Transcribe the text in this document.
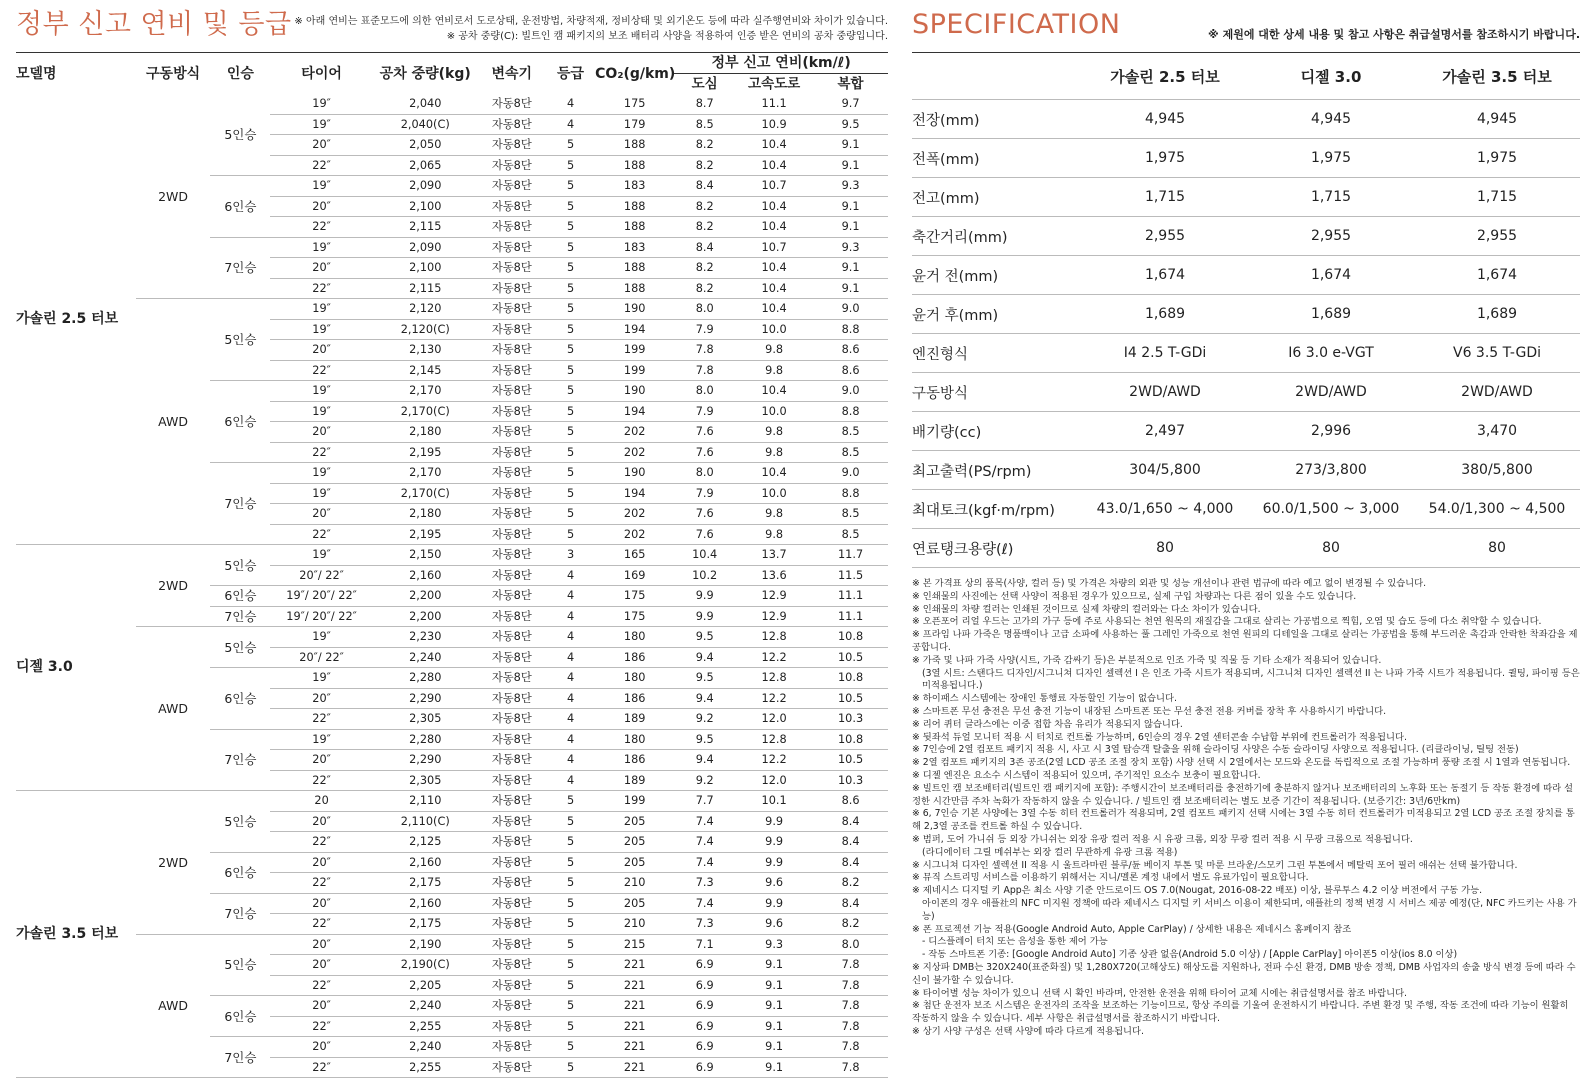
정부 신고 연비 및 등급 ※ 아래 연비는 표준모드에 의한 연비로서 도로상태, 운전방법, 차량적재, 정비상태 및 외기온도 등에 따라 실주행연비와 차이가 있습니다.
※ 공차 중량(C): 빌트인 캠 패키지의 보조 배터리 사양을 적용하여 인증 받은 연비의 공차 중량입니다.
모델명	구동방식	인승	타이어	공차 중량(kg)	변속기	등급	CO₂(g/km)	정부 신고 연비(km/ℓ)		
								도심	고속도로	복합
가솔린 2.5 터보	2WD	5인승	19″	2,040	자동8단	4	175	8.7	11.1	9.7
			19″	2,040(C)	자동8단	4	179	8.5	10.9	9.5
			20″	2,050	자동8단	5	188	8.2	10.4	9.1
			22″	2,065	자동8단	5	188	8.2	10.4	9.1
		6인승	19″	2,090	자동8단	5	183	8.4	10.7	9.3
			20″	2,100	자동8단	5	188	8.2	10.4	9.1
			22″	2,115	자동8단	5	188	8.2	10.4	9.1
		7인승	19″	2,090	자동8단	5	183	8.4	10.7	9.3
			20″	2,100	자동8단	5	188	8.2	10.4	9.1
			22″	2,115	자동8단	5	188	8.2	10.4	9.1
	AWD	5인승	19″	2,120	자동8단	5	190	8.0	10.4	9.0
			19″	2,120(C)	자동8단	5	194	7.9	10.0	8.8
			20″	2,130	자동8단	5	199	7.8	9.8	8.6
			22″	2,145	자동8단	5	199	7.8	9.8	8.6
		6인승	19″	2,170	자동8단	5	190	8.0	10.4	9.0
			19″	2,170(C)	자동8단	5	194	7.9	10.0	8.8
			20″	2,180	자동8단	5	202	7.6	9.8	8.5
			22″	2,195	자동8단	5	202	7.6	9.8	8.5
		7인승	19″	2,170	자동8단	5	190	8.0	10.4	9.0
			19″	2,170(C)	자동8단	5	194	7.9	10.0	8.8
			20″	2,180	자동8단	5	202	7.6	9.8	8.5
			22″	2,195	자동8단	5	202	7.6	9.8	8.5
디젤 3.0	2WD	5인승	19″	2,150	자동8단	3	165	10.4	13.7	11.7
			20″/ 22″	2,160	자동8단	4	169	10.2	13.6	11.5
		6인승	19″/ 20″/ 22″	2,200	자동8단	4	175	9.9	12.9	11.1
		7인승	19″/ 20″/ 22″	2,200	자동8단	4	175	9.9	12.9	11.1
	AWD	5인승	19″	2,230	자동8단	4	180	9.5	12.8	10.8
			20″/ 22″	2,240	자동8단	4	186	9.4	12.2	10.5
		6인승	19″	2,280	자동8단	4	180	9.5	12.8	10.8
			20″	2,290	자동8단	4	186	9.4	12.2	10.5
			22″	2,305	자동8단	4	189	9.2	12.0	10.3
		7인승	19″	2,280	자동8단	4	180	9.5	12.8	10.8
			20″	2,290	자동8단	4	186	9.4	12.2	10.5
			22″	2,305	자동8단	4	189	9.2	12.0	10.3
가솔린 3.5 터보	2WD	5인승	20	2,110	자동8단	5	199	7.7	10.1	8.6
			20″	2,110(C)	자동8단	5	205	7.4	9.9	8.4
			22″	2,125	자동8단	5	205	7.4	9.9	8.4
		6인승	20″	2,160	자동8단	5	205	7.4	9.9	8.4
			22″	2,175	자동8단	5	210	7.3	9.6	8.2
		7인승	20″	2,160	자동8단	5	205	7.4	9.9	8.4
			22″	2,175	자동8단	5	210	7.3	9.6	8.2
	AWD	5인승	20″	2,190	자동8단	5	215	7.1	9.3	8.0
			20″	2,190(C)	자동8단	5	221	6.9	9.1	7.8
			22″	2,205	자동8단	5	221	6.9	9.1	7.8
		6인승	20″	2,240	자동8단	5	221	6.9	9.1	7.8
			22″	2,255	자동8단	5	221	6.9	9.1	7.8
		7인승	20″	2,240	자동8단	5	221	6.9	9.1	7.8
			22″	2,255	자동8단	5	221	6.9	9.1	7.8
SPECIFICATION	※ 제원에 대한 상세 내용 및 참고 사항은 취급설명서를 참조하시기 바랍니다.
	가솔린 2.5 터보	디젤 3.0	가솔린 3.5 터보
전장(mm)	4,945	4,945	4,945
전폭(mm)	1,975	1,975	1,975
전고(mm)	1,715	1,715	1,715
축간거리(mm)	2,955	2,955	2,955
윤거 전(mm)	1,674	1,674	1,674
윤거 후(mm)	1,689	1,689	1,689
엔진형식	I4 2.5 T-GDi	I6 3.0 e-VGT	V6 3.5 T-GDi
구동방식	2WD/AWD	2WD/AWD	2WD/AWD
배기량(cc)	2,497	2,996	3,470
최고출력(PS/rpm)	304/5,800	273/3,800	380/5,800
최대토크(kgf·m/rpm)	43.0/1,650 ~ 4,000	60.0/1,500 ~ 3,000	54.0/1,300 ~ 4,500
연료탱크용량(ℓ)	80	80	80
※ 본 가격표 상의 품목(사양, 컬러 등) 및 가격은 차량의 외관 및 성능 개선이나 관련 법규에 따라 예고 없이 변경될 수 있습니다.
※ 인쇄물의 사진에는 선택 사양이 적용된 경우가 있으므로, 실제 구입 차량과는 다른 점이 있을 수도 있습니다.
※ 인쇄물의 차량 컬러는 인쇄된 것이므로 실제 차량의 컬러와는 다소 차이가 있습니다.
※ 오픈포어 리얼 우드는 고가의 가구 등에 주로 사용되는 천연 원목의 재질감을 그대로 살리는 가공법으로 찍힘, 오염 및 습도 등에 다소 취약할 수 있습니다.
※ 프라임 나파 가죽은 명품백이나 고급 소파에 사용하는 풀 그레인 가죽으로 천연 원피의 디테일을 그대로 살리는 가공법을 통해 부드러운 촉감과 안락한 착좌감을 제공합니다.
※ 가죽 및 나파 가죽 사양(시트, 가죽 감싸기 등)은 부분적으로 인조 가죽 및 직물 등 기타 소재가 적용되어 있습니다.
(3열 시트: 스탠다드 디자인/시그니쳐 디자인 셀렉션 I 은 인조 가죽 시트가 적용되며, 시그니쳐 디자인 셀렉션 II 는 나파 가죽 시트가 적용됩니다. 퀼팅, 파이핑 등은 미적용됩니다.)
※ 하이패스 시스템에는 장애인 통행료 자동할인 기능이 없습니다.
※ 스마트폰 무선 충전은 무선 충전 기능이 내장된 스마트폰 또는 무선 충전 전용 커버를 장착 후 사용하시기 바랍니다.
※ 리어 퀴터 글라스에는 이중 접합 차음 유리가 적용되지 않습니다.
※ 뒷좌석 듀얼 모니터 적용 시 터치로 컨트롤 가능하며, 6인승의 경우 2열 센터콘솔 수납함 부위에 컨트롤러가 적용됩니다.
※ 7인승에 2열 컴포트 패키지 적용 시, 사고 시 3열 탑승객 탈출을 위해 슬라이딩 사양은 수동 슬라이딩 사양으로 적용됩니다. (리클라이닝, 틸팅 전동)
※ 2열 컴포트 패키지의 3존 공조(2열 LCD 공조 조절 장치 포함) 사양 선택 시 2열에서는 모드와 온도를 독립적으로 조절 가능하며 풍량 조절 시 1열과 연동됩니다.
※ 디젤 엔진은 요소수 시스템이 적용되어 있으며, 주기적인 요소수 보충이 필요합니다.
※ 빌트인 캠 보조배터리(빌트인 캠 패키지에 포함): 주행시간이 보조배터리를 충전하기에 충분하지 않거나 보조배터리의 노후화 또는 동절기 등 작동 환경에 따라 설정한 시간만큼 주차 녹화가 작동하지 않을 수 있습니다. / 빌트인 캠 보조배터리는 별도 보증 기간이 적용됩니다. (보증기간: 3년/6만km)
※ 6, 7인승 기본 사양에는 3열 수동 히터 컨트롤러가 적용되며, 2열 컴포트 패키지 선택 시에는 3열 수동 히터 컨트롤러가 미적용되고 2열 LCD 공조 조절 장치를 통해 2,3열 공조를 컨트롤 하실 수 있습니다.
※ 범퍼, 도어 가니쉬 등 외장 가니쉬는 외장 유광 컬러 적용 시 유광 크롬, 외장 무광 컬러 적용 시 무광 크롬으로 적용됩니다.
(라디에이터 그릴 메쉬부는 외장 컬러 무관하게 유광 크롬 적용)
※ 시그니쳐 디자인 셀렉션 II 적용 시 울트라마린 블루/듄 베이지 투톤 및 마룬 브라운/스모키 그린 투톤에서 메탈릭 포어 필러 애쉬는 선택 불가합니다.
※ 뮤직 스트리밍 서비스를 이용하기 위해서는 지니/멜론 계정 내에서 별도 유료가입이 필요합니다.
※ 제네시스 디지털 키 App은 최소 사양 기준 안드로이드 OS 7.0(Nougat, 2016-08-22 배포) 이상, 블루투스 4.2 이상 버전에서 구동 가능.
아이폰의 경우 애플社의 NFC 미지원 정책에 따라 제네시스 디지털 키 서비스 이용이 제한되며, 애플社의 정책 변경 시 서비스 제공 예정(단, NFC 카드키는 사용 가능)
※ 폰 프로젝션 기능 적용(Google Android Auto, Apple CarPlay) / 상세한 내용은 제네시스 홈페이지 참조
- 디스플레이 터치 또는 음성을 통한 제어 가능
- 작동 스마트폰 기종: [Google Android Auto] 기종 상관 없음(Android 5.0 이상) / [Apple CarPlay] 아이폰5 이상(ios 8.0 이상)
※ 지상파 DMB는 320X240(표준화질) 및 1,280X720(고해상도) 해상도를 지원하나, 전파 수신 환경, DMB 방송 정책, DMB 사업자의 송출 방식 변경 등에 따라 수신이 불가할 수 있습니다.
※ 타이어별 성능 차이가 있으니 선택 시 확인 바라며, 안전한 운전을 위해 타이어 교체 시에는 취급설명서를 참조 바랍니다.
※ 첨단 운전자 보조 시스템은 운전자의 조작을 보조하는 기능이므로, 항상 주의를 기울여 운전하시기 바랍니다. 주변 환경 및 주행, 작동 조건에 따라 기능이 원활히 작동하지 않을 수 있습니다. 세부 사항은 취급설명서를 참조하시기 바랍니다.
※ 상기 사양 구성은 선택 사양에 따라 다르게 적용됩니다.
